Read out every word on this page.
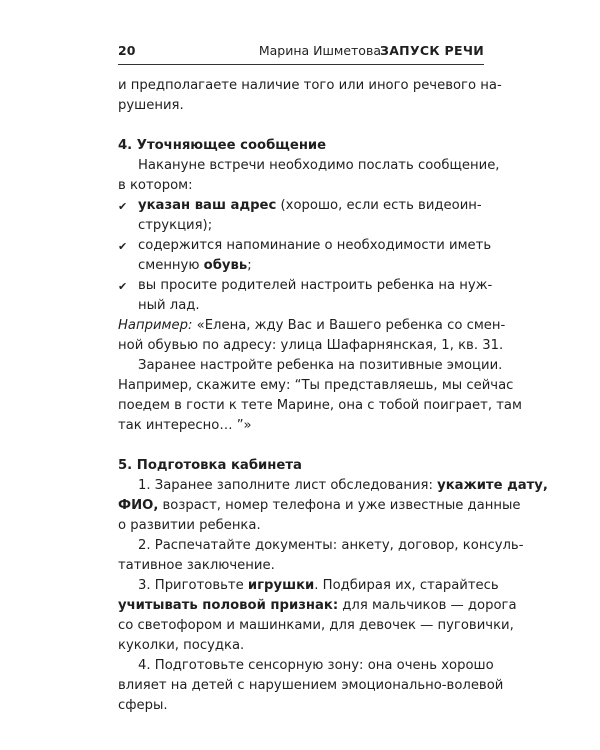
20	Марина Ишметова ЗАПУСК РЕЧИ
и предполагаете наличие того или иного речевого на-
рушения.
4. Уточняющее сообщение
Накануне встречи необходимо послать сообщение,
в котором:
✔ указан ваш адрес (хорошо, если есть видеоин-
струкция);
✔ содержится напоминание о необходимости иметь
сменную обувь;
✔ вы просите родителей настроить ребенка на нуж-
ный лад.
Например: «Елена, жду Вас и Вашего ребенка со смен-
ной обувью по адресу: улица Шафарнянская, 1, кв. 31.
Заранее настройте ребенка на позитивные эмоции.
Например, скажите ему: “Ты представляешь, мы сейчас
поедем в гости к тете Марине, она с тобой поиграет, там
так интересно… ”»
5. Подготовка кабинета
1. Заранее заполните лист обследования: укажите дату,
ФИО, возраст, номер телефона и уже известные данные
о развитии ребенка.
2. Распечатайте документы: анкету, договор, консуль-
тативное заключение.
3. Приготовьте игрушки. Подбирая их, старайтесь
учитывать половой признак: для мальчиков — дорога
со светофором и машинками, для девочек — пуговички,
куколки, посудка.
4. Подготовьте сенсорную зону: она очень хорошо
влияет на детей с нарушением эмоционально-волевой
сферы.
